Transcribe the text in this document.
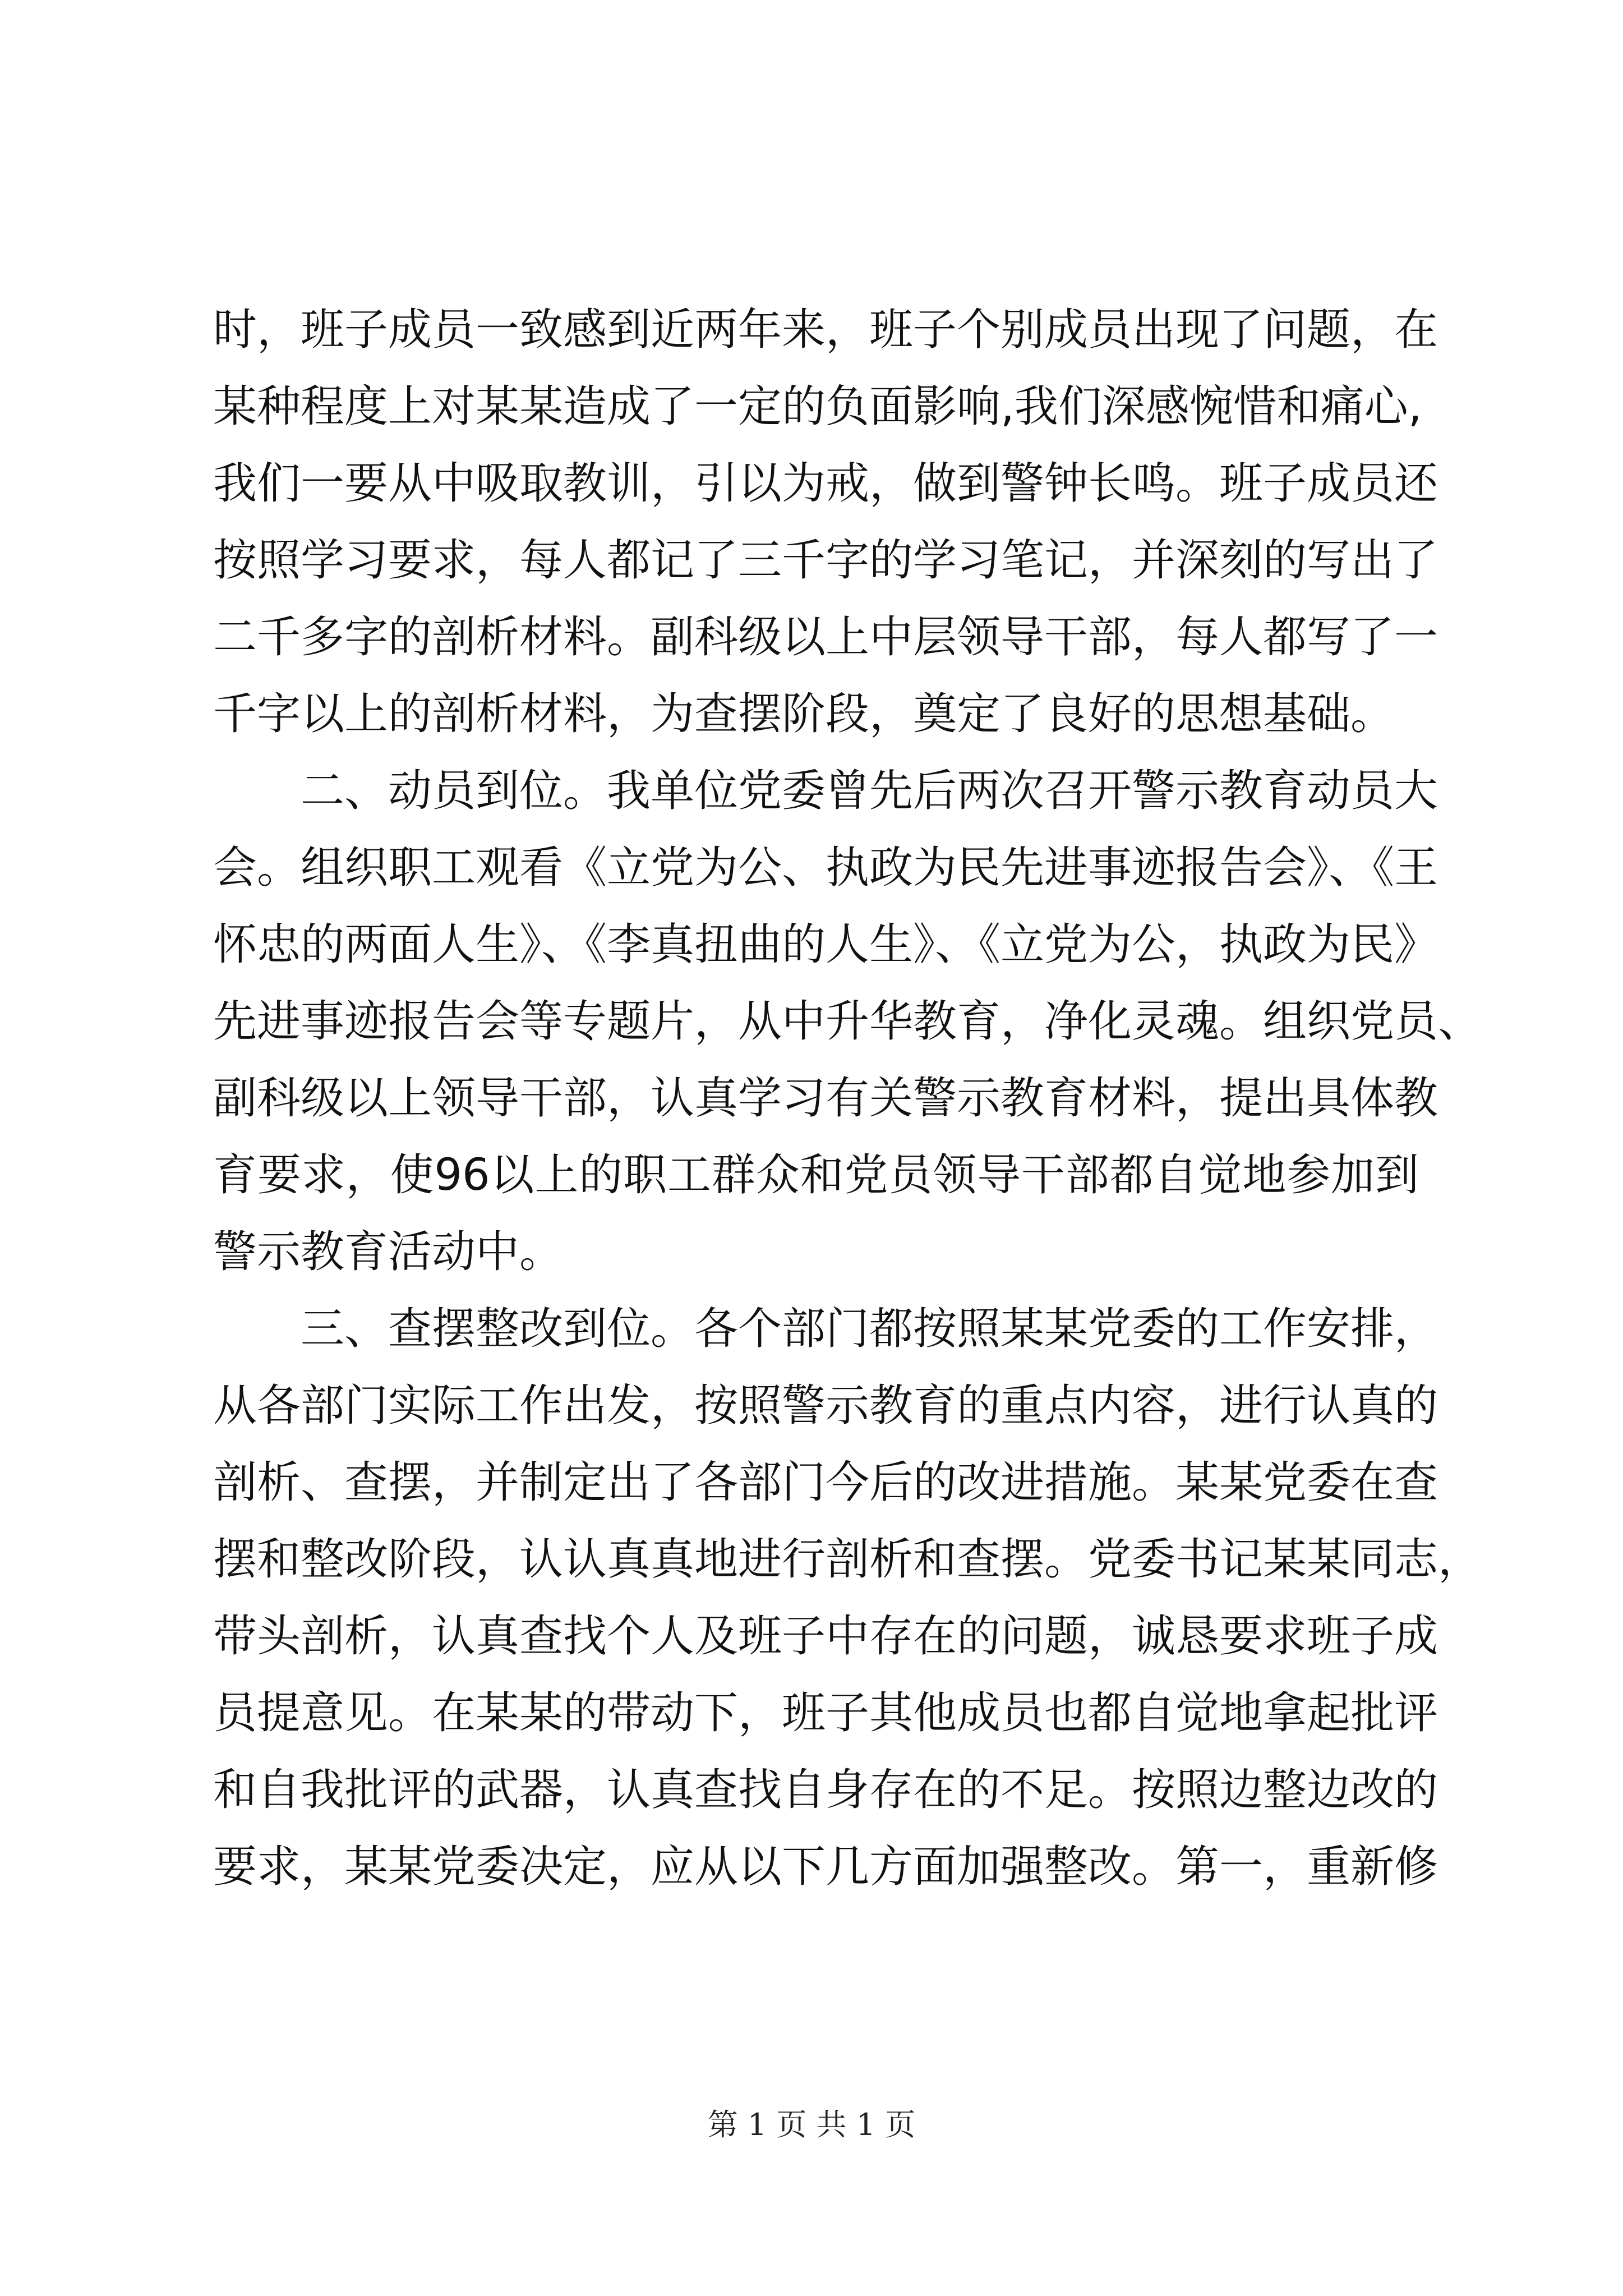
时，班子成员一致感到近两年来，班子个别成员出现了问题，在
某种程度上对某某造成了一定的负面影响,我们深感惋惜和痛心,
我们一要从中吸取教训，引以为戒，做到警钟长鸣。班子成员还
按照学习要求，每人都记了三千字的学习笔记，并深刻的写出了
二千多字的剖析材料。副科级以上中层领导干部，每人都写了一
千字以上的剖析材料，为查摆阶段，奠定了良好的思想基础。
　　二、动员到位。我单位党委曾先后两次召开警示教育动员大
会。组织职工观看《立党为公、执政为民先进事迹报告会》、《王
怀忠的两面人生》、《李真扭曲的人生》、《立党为公，执政为民》
先进事迹报告会等专题片，从中升华教育，净化灵魂。组织党员、
副科级以上领导干部，认真学习有关警示教育材料，提出具体教
育要求，使96以上的职工群众和党员领导干部都自觉地参加到
警示教育活动中。
　　三、查摆整改到位。各个部门都按照某某党委的工作安排，
从各部门实际工作出发，按照警示教育的重点内容，进行认真的
剖析、查摆，并制定出了各部门今后的改进措施。某某党委在查
摆和整改阶段，认认真真地进行剖析和查摆。党委书记某某同志，
带头剖析，认真查找个人及班子中存在的问题，诚恳要求班子成
员提意见。在某某的带动下，班子其他成员也都自觉地拿起批评
和自我批评的武器，认真查找自身存在的不足。按照边整边改的
要求，某某党委决定，应从以下几方面加强整改。第一，重新修
第 1 页 共 1 页
